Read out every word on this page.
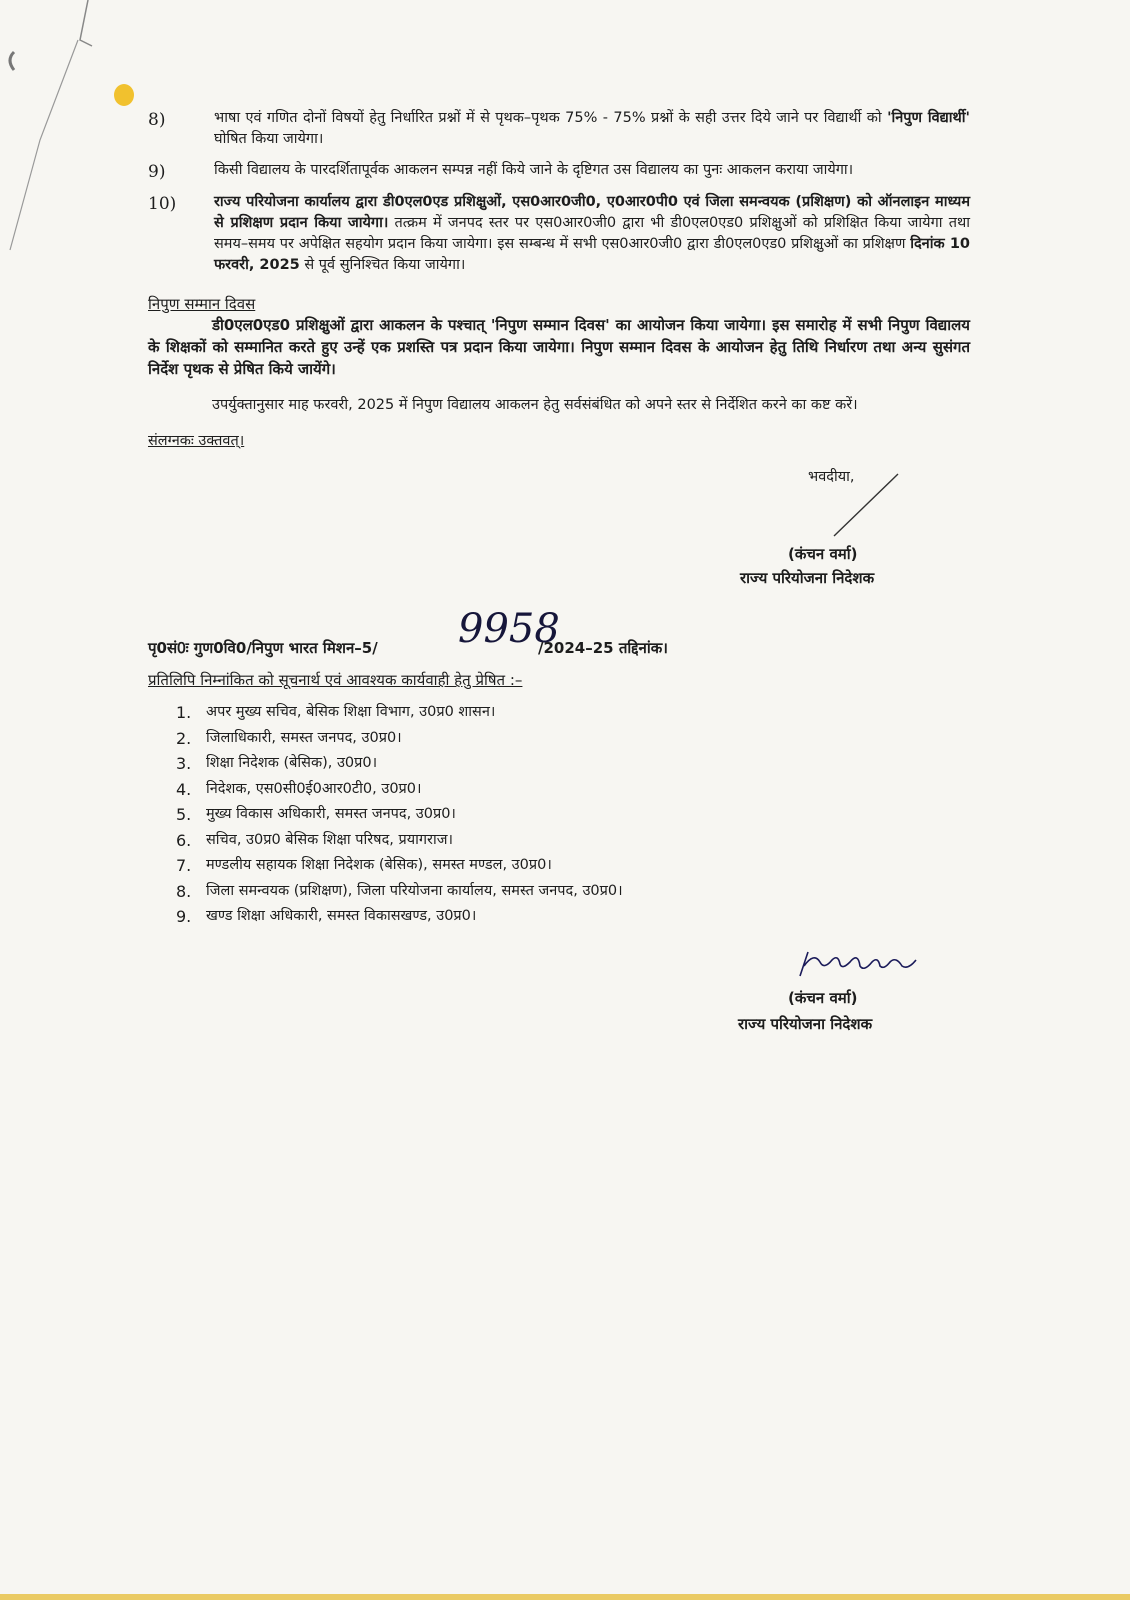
8)	भाषा एवं गणित दोनों विषयों हेतु निर्धारित प्रश्नों में से पृथक–पृथक 75% - 75% प्रश्नों के सही उत्तर दिये जाने पर विद्यार्थी को 'निपुण विद्यार्थी' घोषित किया जायेगा।
9)	किसी विद्यालय के पारदर्शितापूर्वक आकलन सम्पन्न नहीं किये जाने के दृष्टिगत उस विद्यालय का पुनः आकलन कराया जायेगा।
10)	राज्य परियोजना कार्यालय द्वारा डी0एल0एड प्रशिक्षुओं, एस0आर0जी0, ए0आर0पी0 एवं जिला समन्वयक (प्रशिक्षण) को ऑनलाइन माध्यम से प्रशिक्षण प्रदान किया जायेगा। तत्क्रम में जनपद स्तर पर एस0आर0जी0 द्वारा भी डी0एल0एड0 प्रशिक्षुओं को प्रशिक्षित किया जायेगा तथा समय–समय पर अपेक्षित सहयोग प्रदान किया जायेगा। इस सम्बन्ध में सभी एस0आर0जी0 द्वारा डी0एल0एड0 प्रशिक्षुओं का प्रशिक्षण दिनांक 10 फरवरी, 2025 से पूर्व सुनिश्चित किया जायेगा।
निपुण सम्मान दिवस
डी0एल0एड0 प्रशिक्षुओं द्वारा आकलन के पश्चात् 'निपुण सम्मान दिवस' का आयोजन किया जायेगा। इस समारोह में सभी निपुण विद्यालय के शिक्षकों को सम्मानित करते हुए उन्हें एक प्रशस्ति पत्र प्रदान किया जायेगा। निपुण सम्मान दिवस के आयोजन हेतु तिथि निर्धारण तथा अन्य सुसंगत निर्देश पृथक से प्रेषित किये जायेंगे।
उपर्युक्तानुसार माह फरवरी, 2025 में निपुण विद्यालय आकलन हेतु सर्वसंबंधित को अपने स्तर से निर्देशित करने का कष्ट करें।
संलग्नकः उक्तवत्।
भवदीया,
(कंचन वर्मा)
राज्य परियोजना निदेशक
पृ0सं0ः गुण0वि0/निपुण भारत मिशन–5/ 9958
/2024–25 तद्दिनांक।
प्रतिलिपि निम्नांकित को सूचनार्थ एवं आवश्यक कार्यवाही हेतु प्रेषित :–
1.	अपर मुख्य सचिव, बेसिक शिक्षा विभाग, उ0प्र0 शासन।
2.	जिलाधिकारी, समस्त जनपद, उ0प्र0।
3.	शिक्षा निदेशक (बेसिक), उ0प्र0।
4.	निदेशक, एस0सी0ई0आर0टी0, उ0प्र0।
5.	मुख्य विकास अधिकारी, समस्त जनपद, उ0प्र0।
6.	सचिव, उ0प्र0 बेसिक शिक्षा परिषद, प्रयागराज।
7.	मण्डलीय सहायक शिक्षा निदेशक (बेसिक), समस्त मण्डल, उ0प्र0।
8.	जिला समन्वयक (प्रशिक्षण), जिला परियोजना कार्यालय, समस्त जनपद, उ0प्र0।
9.	खण्ड शिक्षा अधिकारी, समस्त विकासखण्ड, उ0प्र0।
(कंचन वर्मा)
राज्य परियोजना निदेशक
